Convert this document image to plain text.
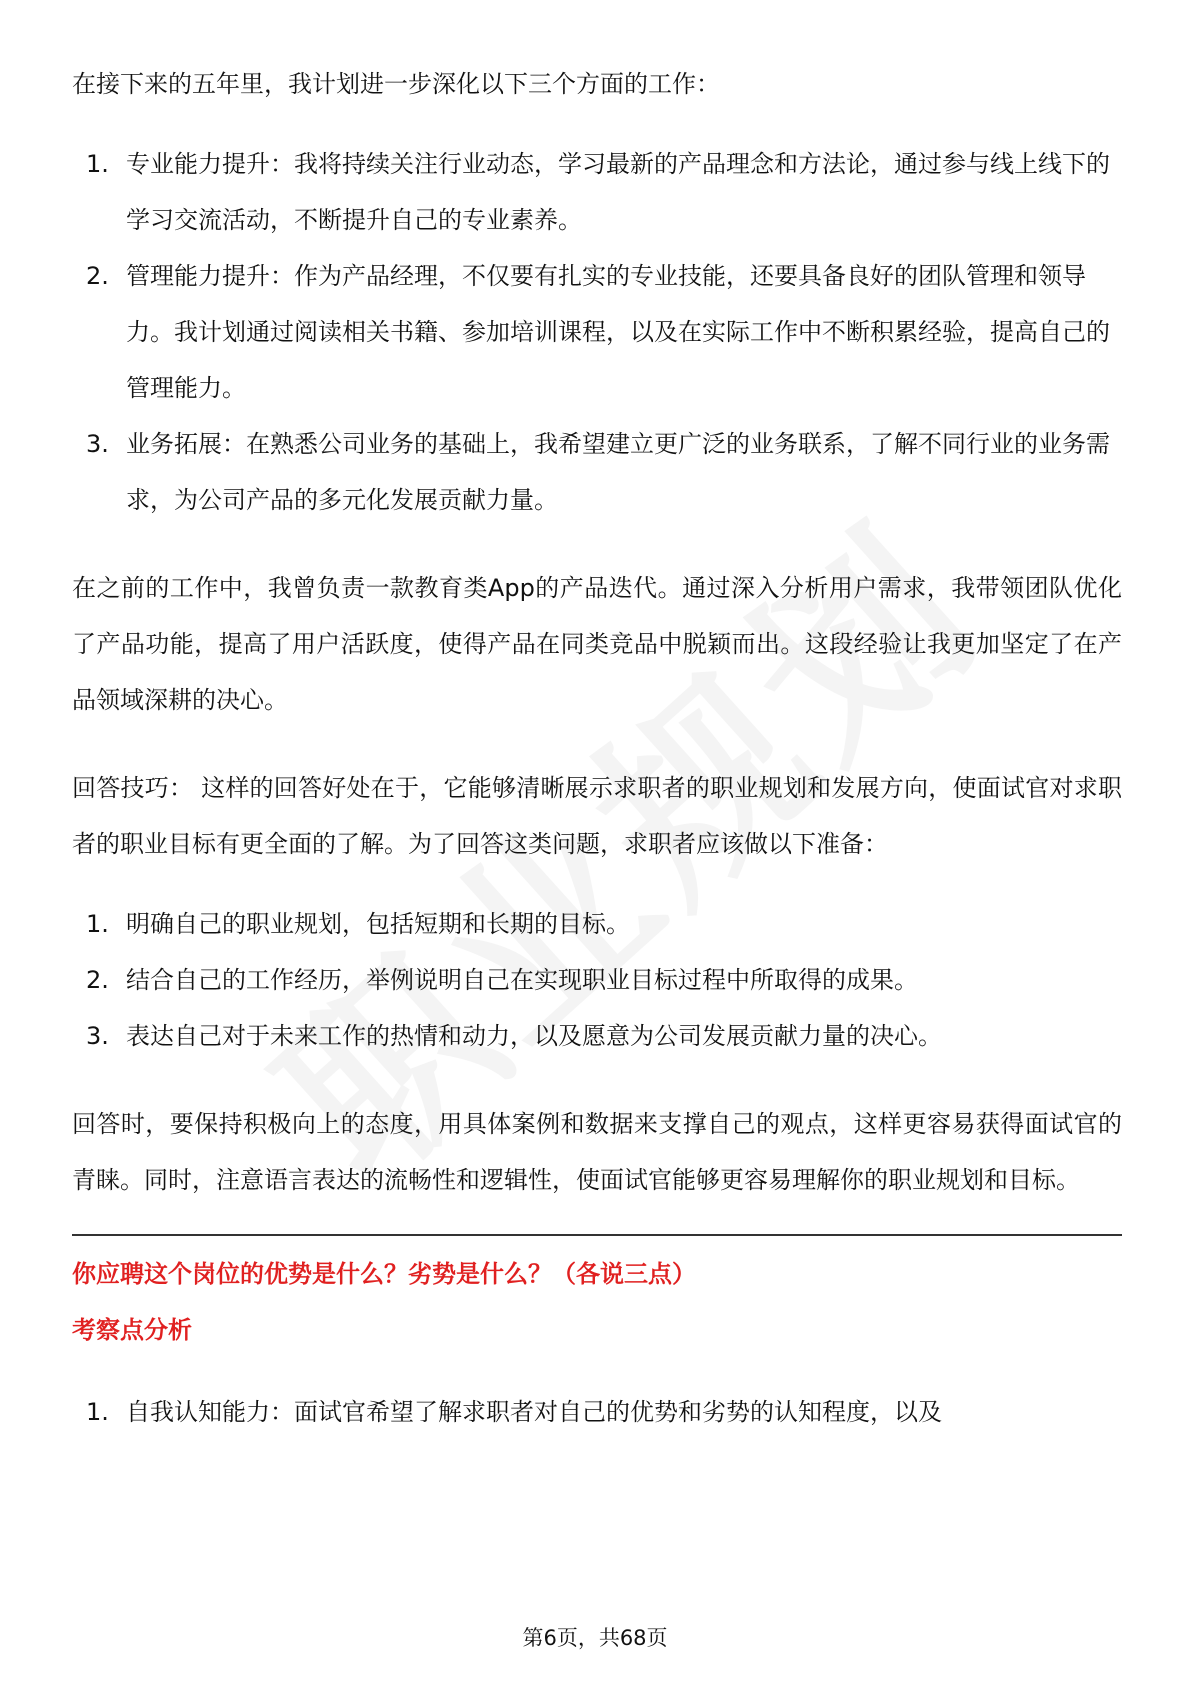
在接下来的五年里，我计划进一步深化以下三个方面的工作：

1. 专业能力提升：我将持续关注行业动态，学习最新的产品理念和方法论，通过参与线上线下的学习交流活动，不断提升自己的专业素养。
2. 管理能力提升：作为产品经理，不仅要有扎实的专业技能，还要具备良好的团队管理和领导力。我计划通过阅读相关书籍、参加培训课程，以及在实际工作中不断积累经验，提高自己的管理能力。
3. 业务拓展：在熟悉公司业务的基础上，我希望建立更广泛的业务联系，了解不同行业的业务需求，为公司产品的多元化发展贡献力量。

在之前的工作中，我曾负责一款教育类App的产品迭代。通过深入分析用户需求，我带领团队优化了产品功能，提高了用户活跃度，使得产品在同类竞品中脱颖而出。这段经验让我更加坚定了在产品领域深耕的决心。

回答技巧： 这样的回答好处在于，它能够清晰展示求职者的职业规划和发展方向，使面试官对求职者的职业目标有更全面的了解。为了回答这类问题，求职者应该做以下准备：

1. 明确自己的职业规划，包括短期和长期的目标。
2. 结合自己的工作经历，举例说明自己在实现职业目标过程中所取得的成果。
3. 表达自己对于未来工作的热情和动力，以及愿意为公司发展贡献力量的决心。

回答时，要保持积极向上的态度，用具体案例和数据来支撑自己的观点，这样更容易获得面试官的青睐。同时，注意语言表达的流畅性和逻辑性，使面试官能够更容易理解你的职业规划和目标。

你应聘这个岗位的优势是什么？劣势是什么？（各说三点）
考察点分析
1. 自我认知能力：面试官希望了解求职者对自己的优势和劣势的认知程度，以及
第6页，共68页
